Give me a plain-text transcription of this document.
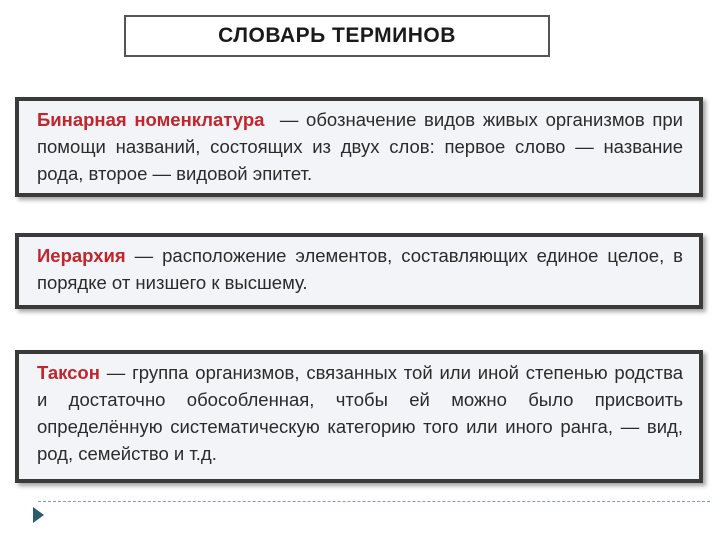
СЛОВАРЬ ТЕРМИНОВ
Бинарная номенклатура  — обозначение видов живых организмов при помощи названий, состоящих из двух слов: первое слово — название рода, второе — видовой эпитет.
Иерархия — расположение элементов, составляющих единое целое, в порядке от низшего к высшему.
Таксон — группа организмов, связанных той или иной степенью родства и достаточно обособленная, чтобы ей можно было присвоить определённую систематическую категорию того или иного ранга, — вид, род, семейство и т.д.
